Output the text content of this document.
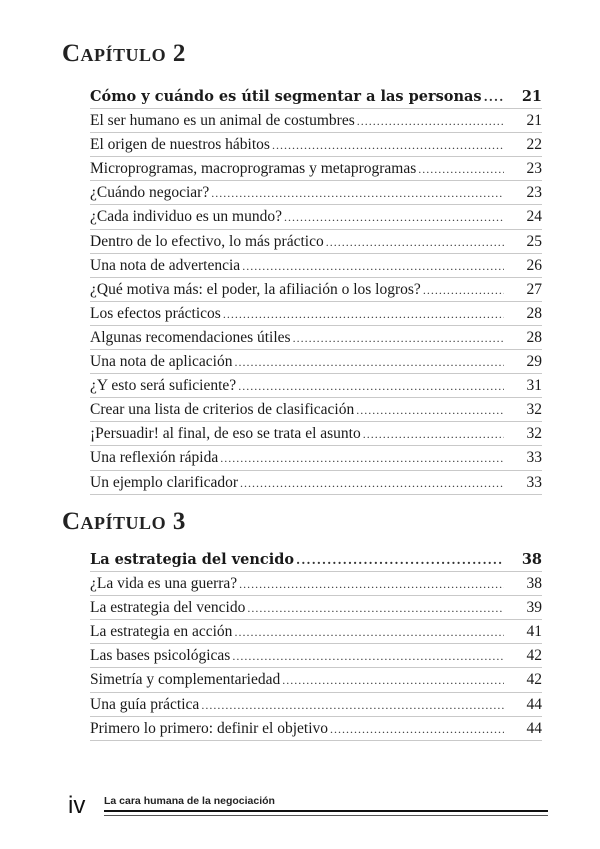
Capítulo 2
Cómo y cuándo es útil segmentar a las personas .....	21
El ser humano es un animal de costumbres .....	21
El origen de nuestros hábitos .....	22
Microprogramas, macroprogramas y metaprogramas .....	23
¿Cuándo negociar? .....	23
¿Cada individuo es un mundo? .....	24
Dentro de lo efectivo, lo más práctico .....	25
Una nota de advertencia .....	26
¿Qué motiva más: el poder, la afiliación o los logros? .....	27
Los efectos prácticos .....	28
Algunas recomendaciones útiles .....	28
Una nota de aplicación .....	29
¿Y esto será suficiente? .....	31
Crear una lista de criterios de clasificación .....	32
¡Persuadir! al final, de eso se trata el asunto .....	32
Una reflexión rápida .....	33
Un ejemplo clarificador .....	33
Capítulo 3
La estrategia del vencido .....	38
¿La vida es una guerra? .....	38
La estrategia del vencido .....	39
La estrategia en acción .....	41
Las bases psicológicas .....	42
Simetría y complementariedad .....	42
Una guía práctica .....	44
Primero lo primero: definir el objetivo .....	44
iv La cara humana de la negociación
